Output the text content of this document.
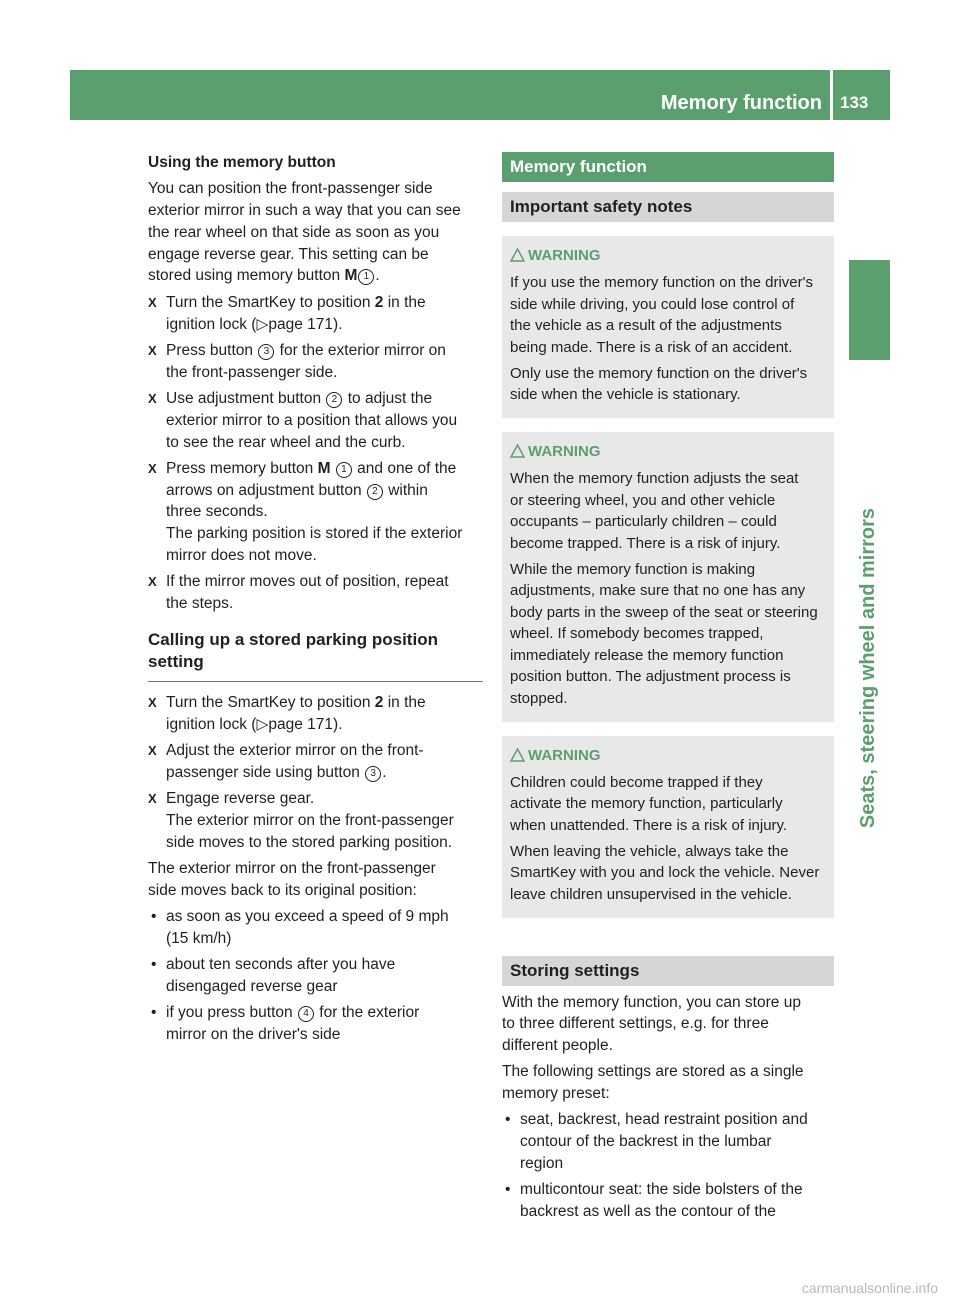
Memory function 133
Seats, steering wheel and mirrors
Using the memory button
You can position the front-passenger side
exterior mirror in such a way that you can see
the rear wheel on that side as soon as you
engage reverse gear. This setting can be
stored using memory button M 1 .
X Turn the SmartKey to position 2 in the
ignition lock (▷page 171).
X Press button 3 for the exterior mirror on
the front-passenger side.
X Use adjustment button 2 to adjust the
exterior mirror to a position that allows you
to see the rear wheel and the curb.
X Press memory button M 1 and one of the
arrows on adjustment button 2 within
three seconds.
The parking position is stored if the exterior
mirror does not move.
X If the mirror moves out of position, repeat
the steps.
Calling up a stored parking position
setting
X Turn the SmartKey to position 2 in the
ignition lock (▷page 171).
X Adjust the exterior mirror on the front-
passenger side using button 3 .
X Engage reverse gear.
The exterior mirror on the front-passenger
side moves to the stored parking position.
The exterior mirror on the front-passenger
side moves back to its original position:
• as soon as you exceed a speed of 9 mph
(15 km/h)
• about ten seconds after you have
disengaged reverse gear
• if you press button 4 for the exterior
mirror on the driver's side
Memory function
Important safety notes
WARNING
If you use the memory function on the driver's
side while driving, you could lose control of
the vehicle as a result of the adjustments
being made. There is a risk of an accident.
Only use the memory function on the driver's
side when the vehicle is stationary.
WARNING
When the memory function adjusts the seat
or steering wheel, you and other vehicle
occupants – particularly children – could
become trapped. There is a risk of injury.
While the memory function is making
adjustments, make sure that no one has any
body parts in the sweep of the seat or steering
wheel. If somebody becomes trapped,
immediately release the memory function
position button. The adjustment process is
stopped.
WARNING
Children could become trapped if they
activate the memory function, particularly
when unattended. There is a risk of injury.
When leaving the vehicle, always take the
SmartKey with you and lock the vehicle. Never
leave children unsupervised in the vehicle.
Storing settings
With the memory function, you can store up
to three different settings, e.g. for three
different people.
The following settings are stored as a single
memory preset:
• seat, backrest, head restraint position and
contour of the backrest in the lumbar
region
• multicontour seat: the side bolsters of the
backrest as well as the contour of the
carmanualsonline.info
